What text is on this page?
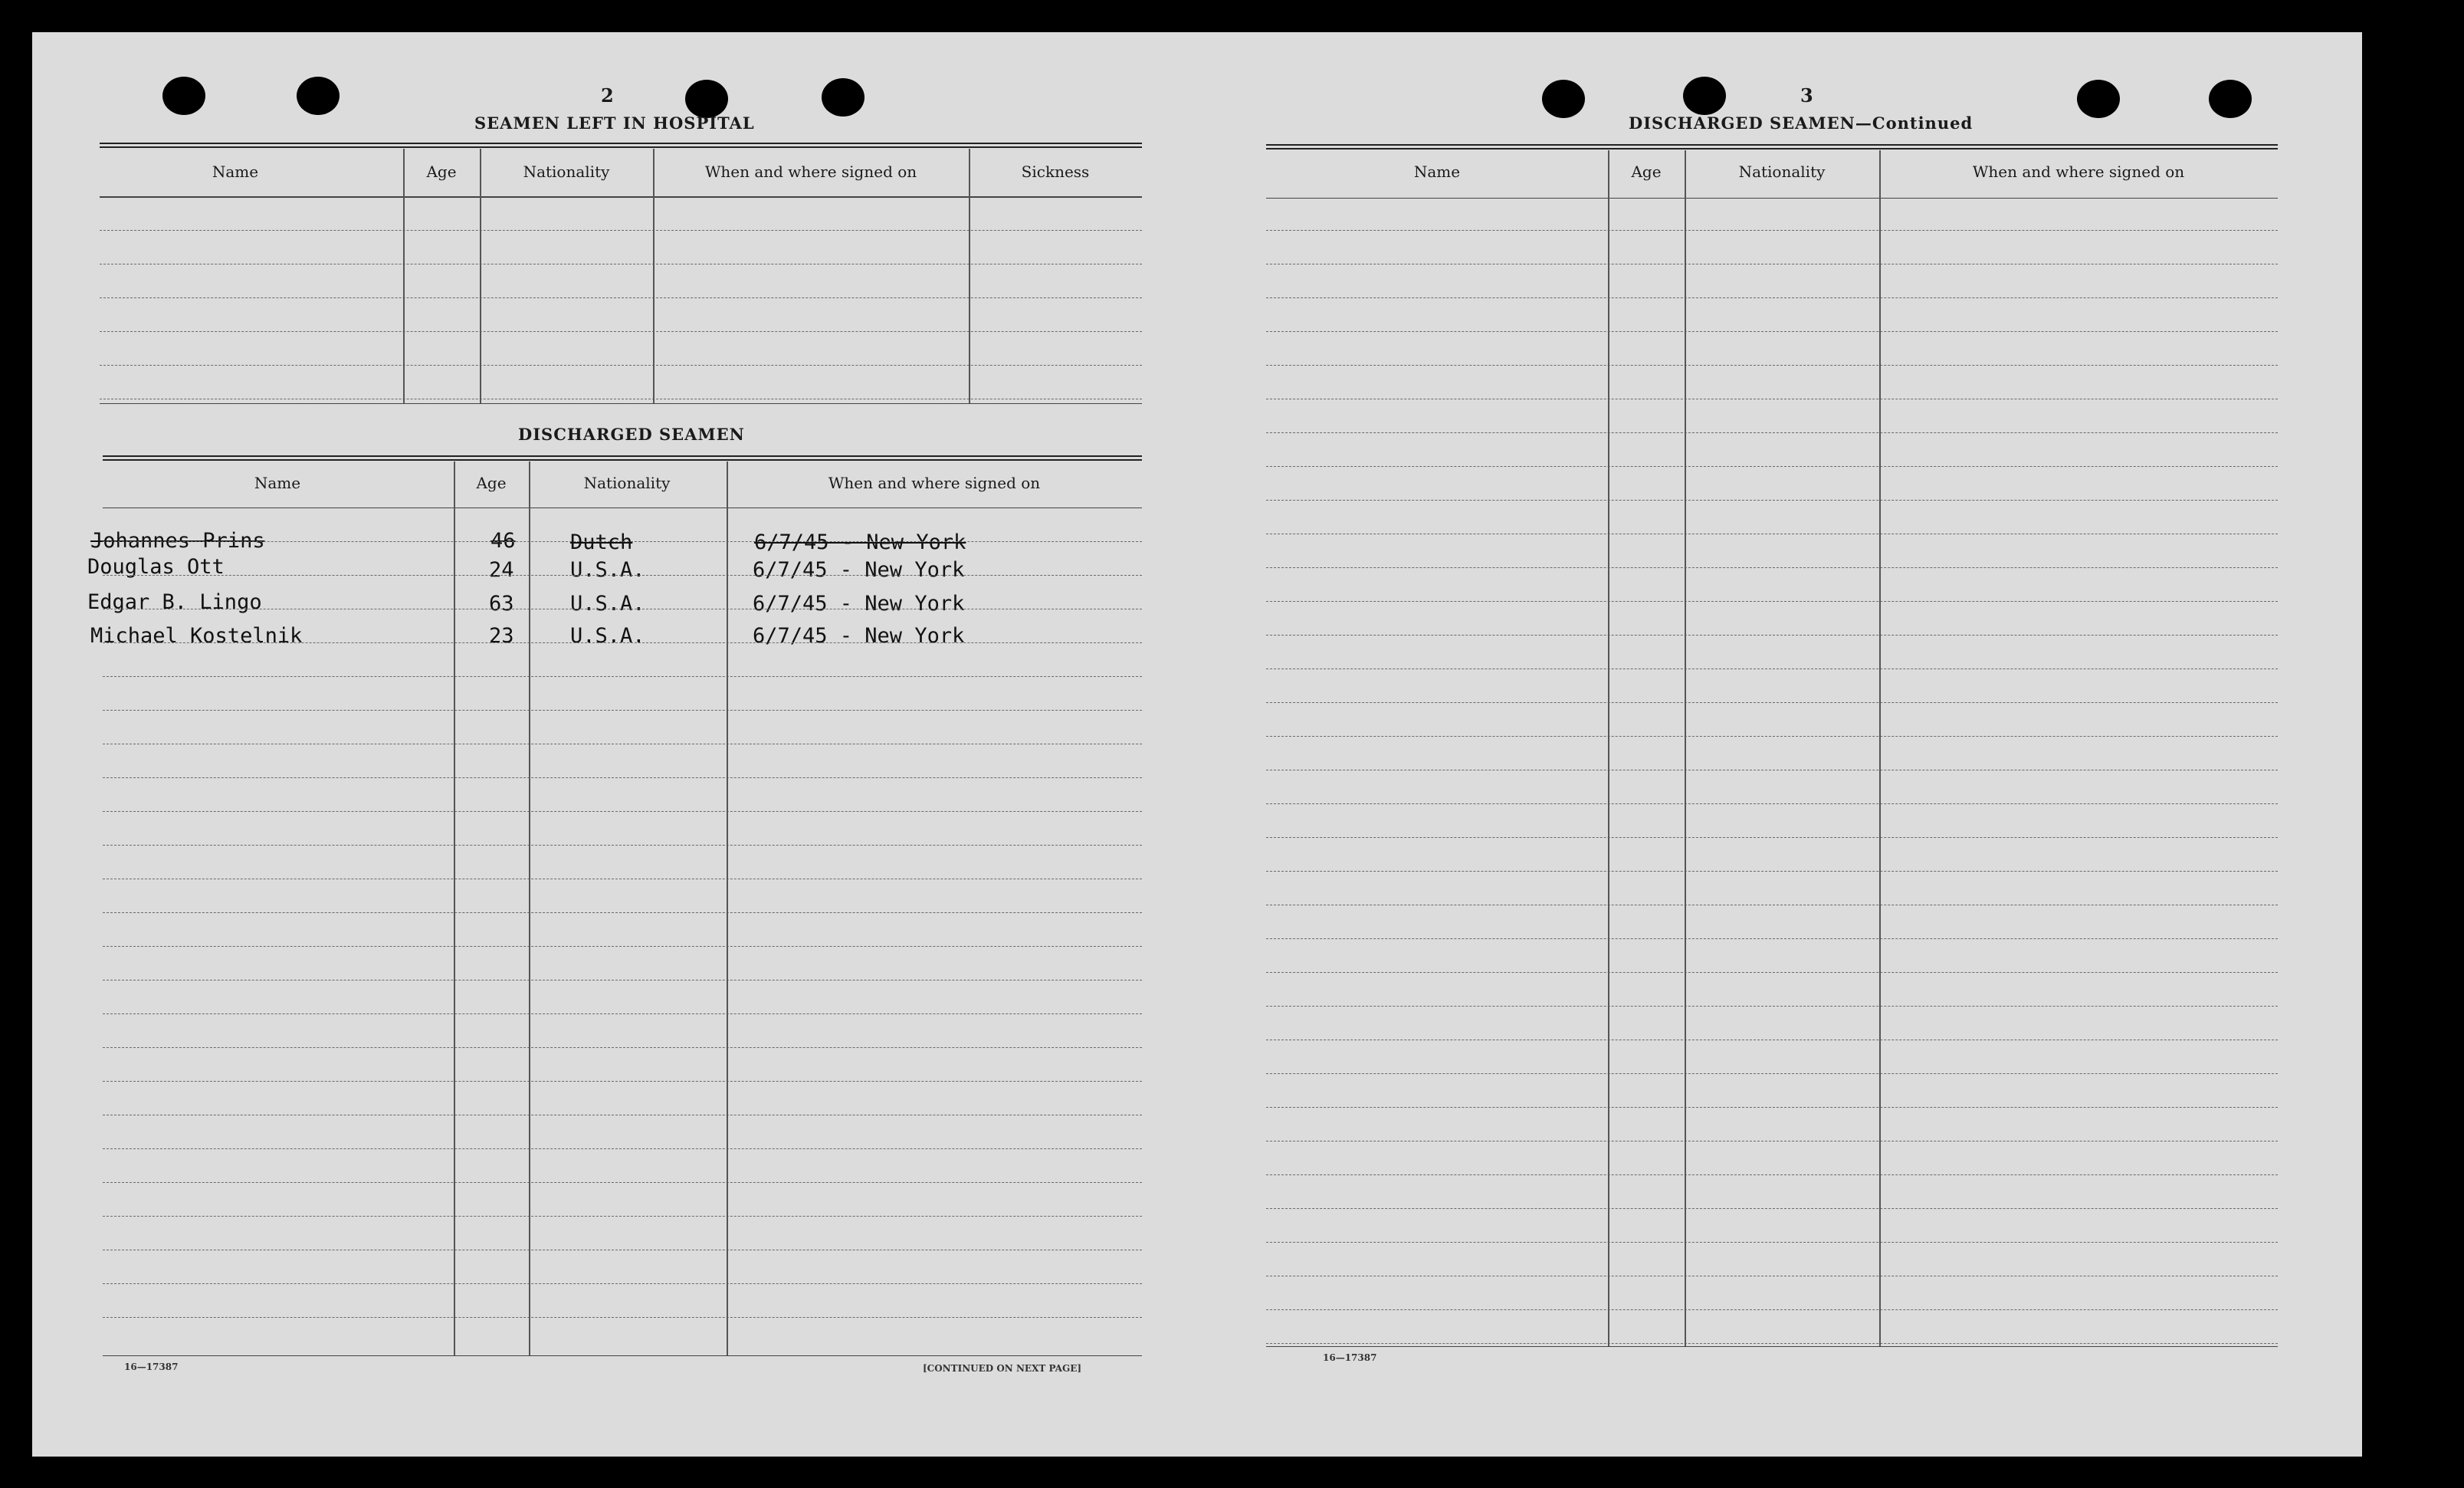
2
SEAMEN LEFT IN HOSPITAL
Name	Age	Nationality	When and where signed on	Sickness
DISCHARGED SEAMEN
Name	Age	Nationality	When and where signed on
Johannes Prins	46	Dutch	6/7/45 - New York
Douglas Ott	24	U.S.A.	6/7/45 - New York
Edgar B. Lingo	63	U.S.A.	6/7/45 - New York
Michael Kostelnik	23	U.S.A.	6/7/45 - New York
16—17387	[CONTINUED ON NEXT PAGE]
3
DISCHARGED SEAMEN—Continued
Name	Age	Nationality	When and where signed on
16—17387
